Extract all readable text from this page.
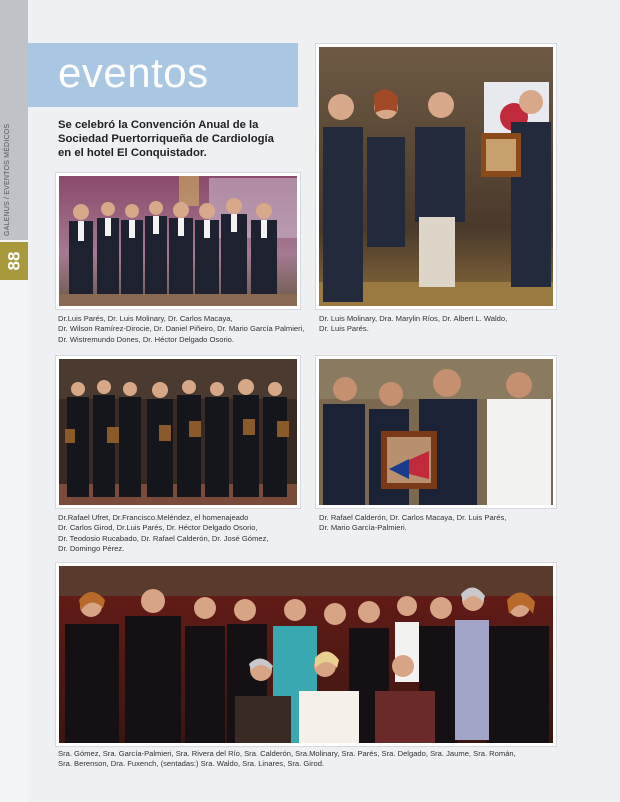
GALENUS / EVENTOS MÉDICOS
88
eventos
Se celebró la Convención Anual de la
Sociedad Puertorriqueña de Cardiología
en el hotel El Conquistador.
Dr.Luis Parés, Dr. Luis Molinary, Dr. Carlos Macaya,
Dr. Wilson Ramírez-Dirocie, Dr. Daniel Piñeiro, Dr. Mario García Palmieri,
Dr. Wistremundo Dones, Dr. Héctor Delgado Osorio.
Dr. Luis Molinary, Dra. Marylin Ríos, Dr. Albert L. Waldo,
Dr. Luis Parés.
Dr.Rafael Ufret, Dr.Francisco.Meléndez, el homenajeado
Dr. Carlos Girod, Dr.Luis Parés, Dr. Héctor Delgado Osorio,
Dr. Teodosio Rucabado, Dr. Rafael Calderón, Dr. José Gómez,
Dr. Domingo Pérez.
Dr. Rafael Calderón, Dr. Carlos Macaya, Dr. Luis Parés,
Dr. Mario García-Palmieri.
Sra. Gómez, Sra. García-Palmieri, Sra. Rivera del Río, Sra. Calderón, Sra.Molinary, Sra. Parés, Sra. Delgado, Sra. Jaume, Sra. Román,
Sra. Berenson, Dra. Fuxench, (sentadas:) Sra. Waldo, Sra. Linares, Sra. Girod.
